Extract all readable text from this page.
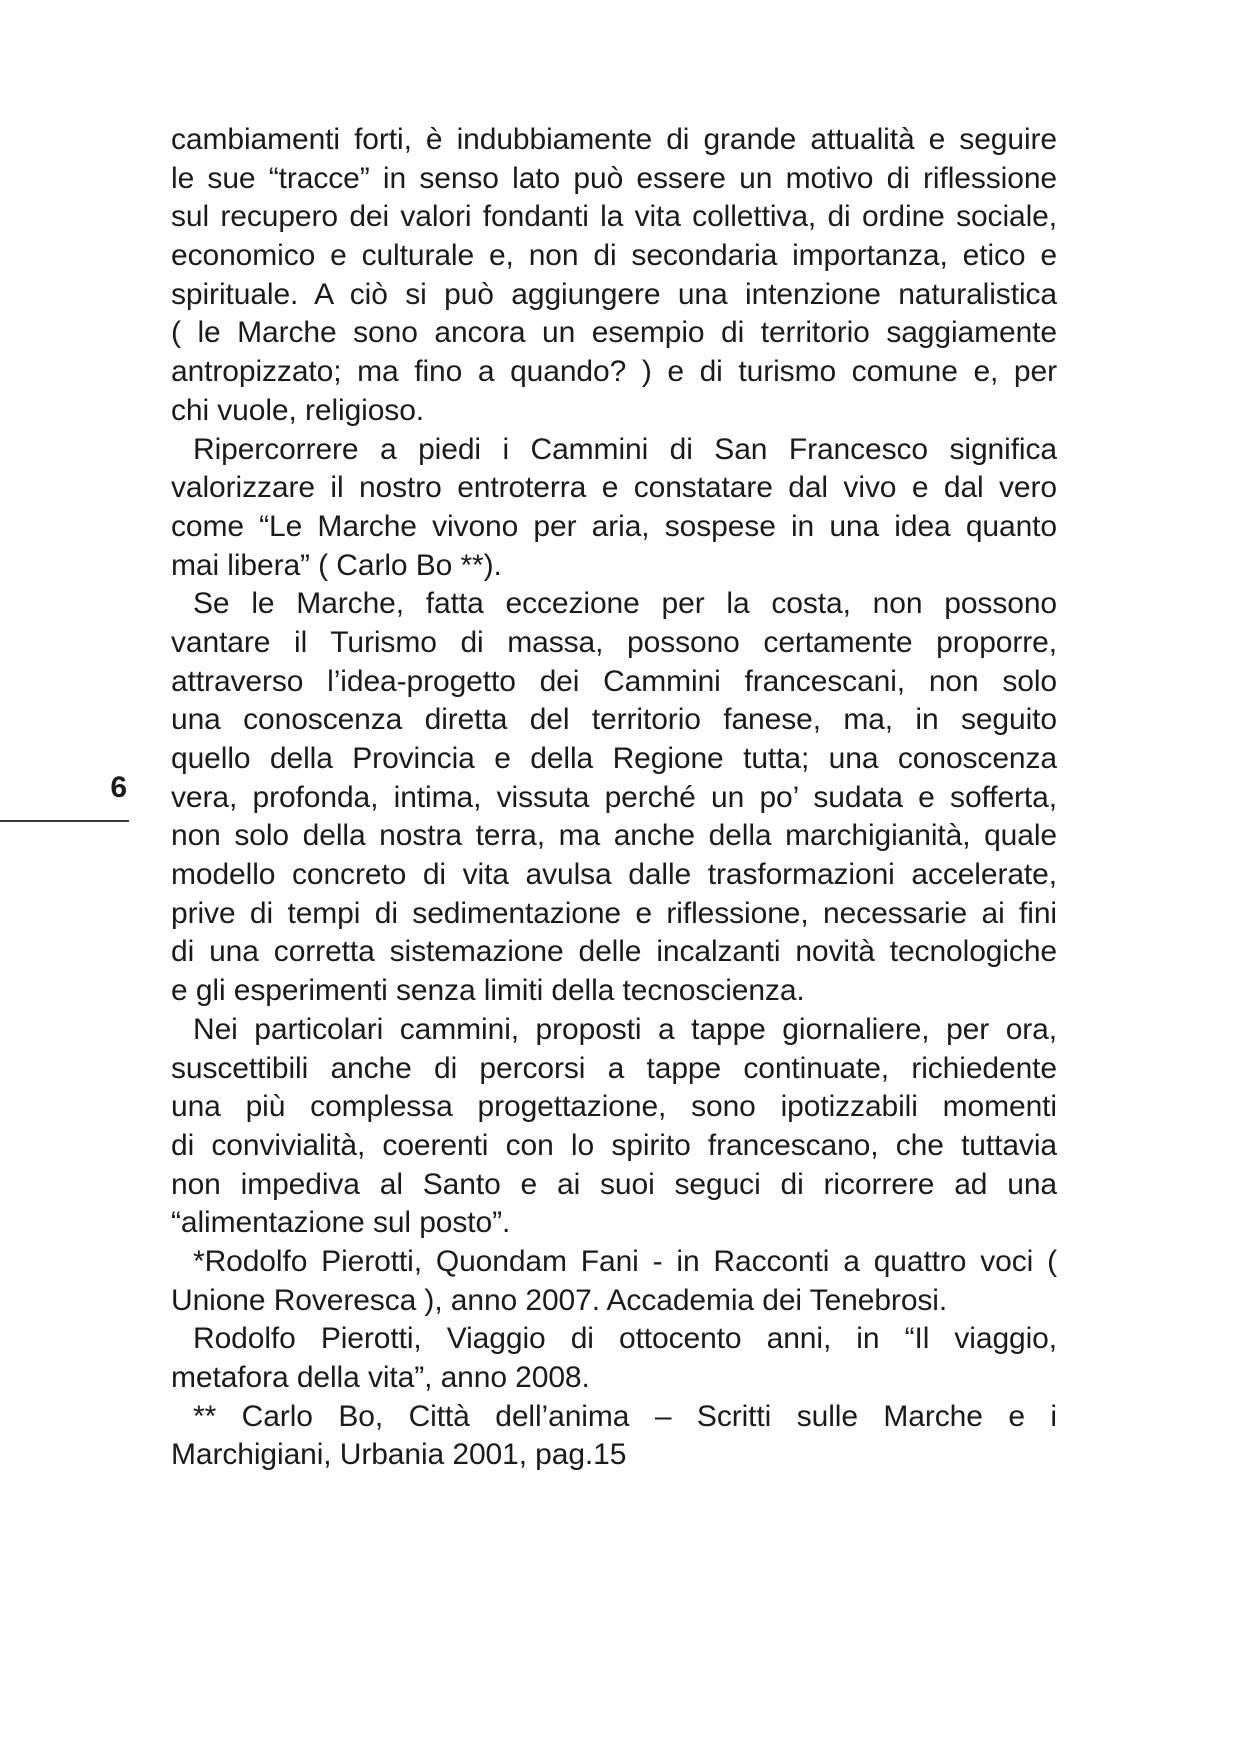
6
cambiamenti forti, è indubbiamente di grande attualità e seguire
le sue “tracce” in senso lato può essere un motivo di riflessione
sul recupero dei valori fondanti la vita collettiva, di ordine sociale,
economico e culturale e, non di secondaria importanza, etico e
spirituale. A ciò si può aggiungere una intenzione naturalistica
( le Marche sono ancora un esempio di territorio saggiamente
antropizzato; ma fino a quando? ) e di turismo comune e, per
chi vuole, religioso.
Ripercorrere a piedi i Cammini di San Francesco significa
valorizzare il nostro entroterra e constatare dal vivo e dal vero
come “Le Marche vivono per aria, sospese in una idea quanto
mai libera” ( Carlo Bo **).
Se le Marche, fatta eccezione per la costa, non possono
vantare il Turismo di massa, possono certamente proporre,
attraverso l’idea-progetto dei Cammini francescani, non solo
una conoscenza diretta del territorio fanese, ma, in seguito
quello della Provincia e della Regione tutta; una conoscenza
vera, profonda, intima, vissuta perché un po’ sudata e sofferta,
non solo della nostra terra, ma anche della marchigianità, quale
modello concreto di vita avulsa dalle trasformazioni accelerate,
prive di tempi di sedimentazione e riflessione, necessarie ai fini
di una corretta sistemazione delle incalzanti novità tecnologiche
e gli esperimenti senza limiti della tecnoscienza.
Nei particolari cammini, proposti a tappe giornaliere, per ora,
suscettibili anche di percorsi a tappe continuate, richiedente
una più complessa progettazione, sono ipotizzabili momenti
di convivialità, coerenti con lo spirito francescano, che tuttavia
non impediva al Santo e ai suoi seguci di ricorrere ad una
“alimentazione sul posto”.
*Rodolfo Pierotti, Quondam Fani - in Racconti a quattro voci (
Unione Roveresca ), anno 2007. Accademia dei Tenebrosi.
Rodolfo Pierotti, Viaggio di ottocento anni, in “Il viaggio,
metafora della vita”, anno 2008.
** Carlo Bo, Città dell’anima – Scritti sulle Marche e i
Marchigiani, Urbania 2001, pag.15
